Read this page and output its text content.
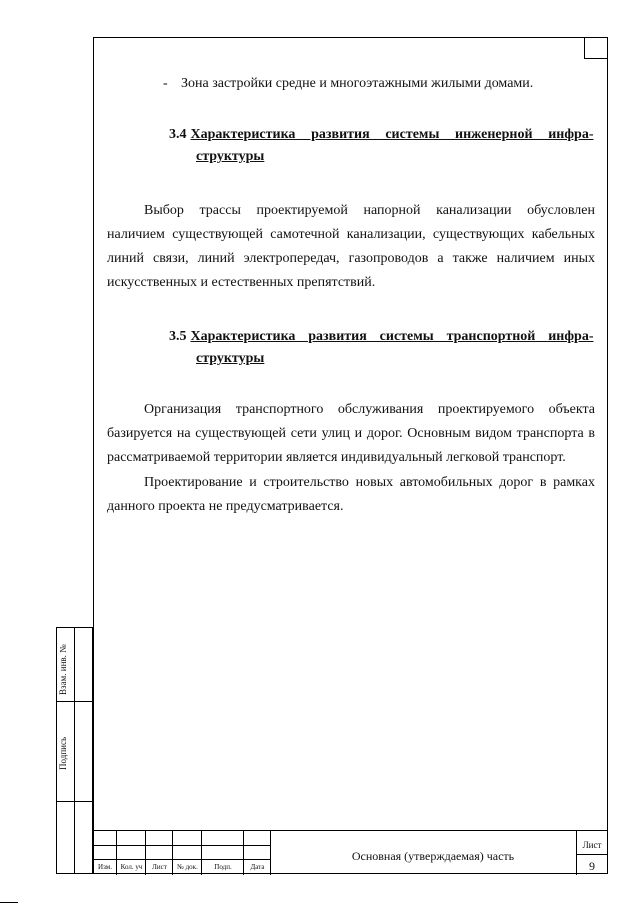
- Зона застройки средне и многоэтажными жилыми домами.
3.4 Характеристика развития системы инженерной инфра-
структуры
Выбор трассы проектируемой напорной канализации обусловлен наличием существующей самотечной канализации, существующих кабельных линий связи, линий электропередач, газопроводов а также наличием иных искусственных и естественных препятствий.
3.5 Характеристика развития системы транспортной инфра-
структуры
Организация транспортного обслуживания проектируемого объекта базируется на существующей сети улиц и дорог. Основным видом транспорта в рассматриваемой территории является индивидуальный легковой транспорт.
Проектирование и строительство новых автомобильных дорог в рамках данного проекта не предусматривается.
Взам. инв. №
Подпись
Изм.	Кол. уч	Лист	№ док.	Подп.	Дата
Основная (утверждаемая) часть
Лист
9
